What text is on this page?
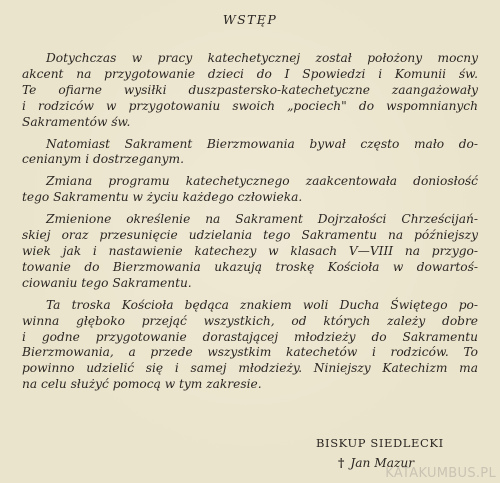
WSTĘP
Dotychczas w pracy katechetycznej został położony mocny
akcent na przygotowanie dzieci do I Spowiedzi i Komunii św.
Te ofiarne wysiłki duszpastersko-katechetyczne zaangażowały
i rodziców w przygotowaniu swoich „pociech" do wspomnianych
Sakramentów św.
Natomiast Sakrament Bierzmowania bywał często mało do-
cenianym i dostrzeganym.
Zmiana programu katechetycznego zaakcentowała doniosłość
tego Sakramentu w życiu każdego człowieka.
Zmienione określenie na Sakrament Dojrzałości Chrześcijań-
skiej oraz przesunięcie udzielania tego Sakramentu na późniejszy
wiek jak i nastawienie katechezy w klasach V—VIII na przygo-
towanie do Bierzmowania ukazują troskę Kościoła w dowartoś-
ciowaniu tego Sakramentu.
Ta troska Kościoła będąca znakiem woli Ducha Świętego po-
winna głęboko przejąć wszystkich, od których zależy dobre
i godne przygotowanie dorastającej młodzieży do Sakramentu
Bierzmowania, a przede wszystkim katechetów i rodziców. To
powinno udzielić się i samej młodzieży. Niniejszy Katechizm ma
na celu służyć pomocą w tym zakresie.
BISKUP SIEDLECKI
† Jan Mazur
KATAKUMBUS.PL
